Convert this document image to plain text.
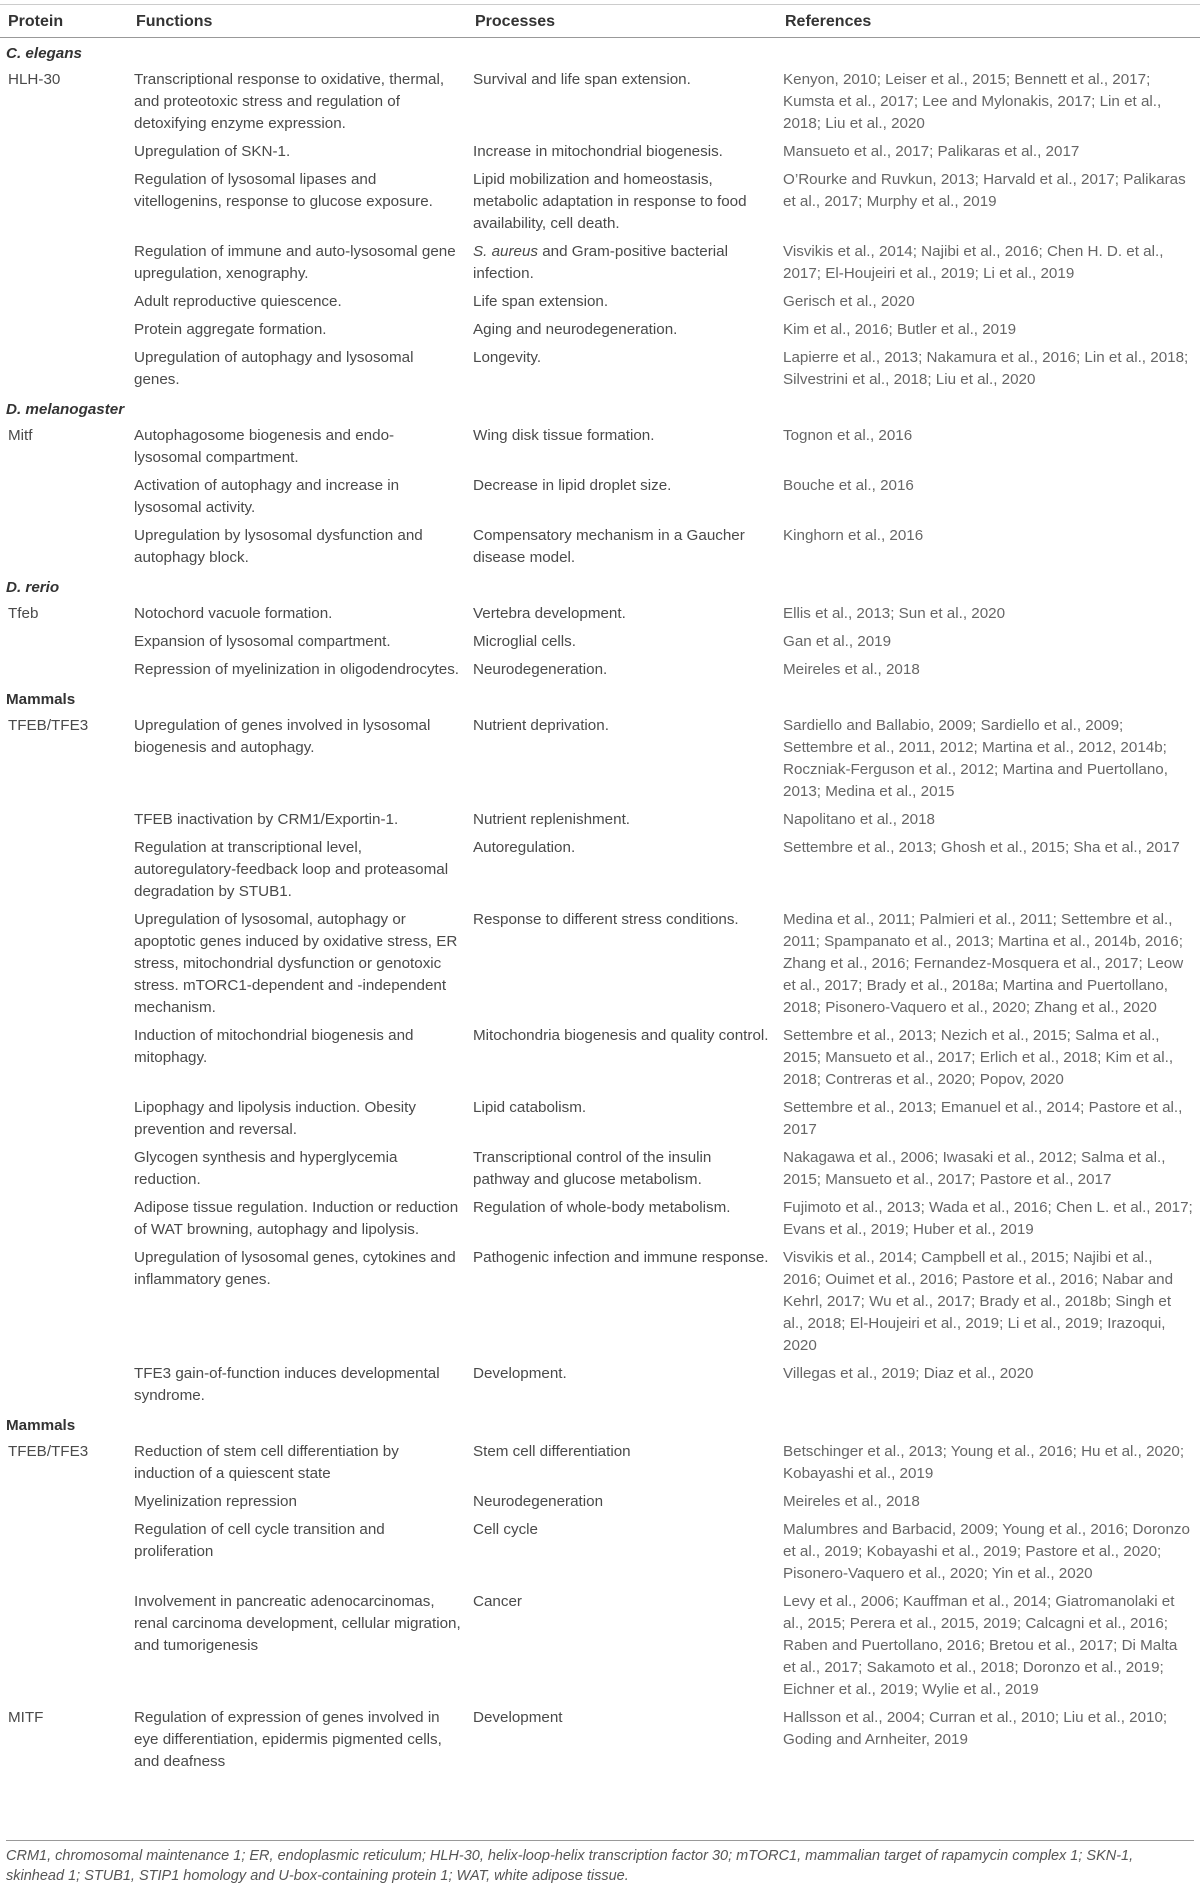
Protein	Functions	Processes	References
C. elegans			
HLH-30	Transcriptional response to oxidative, thermal, and proteotoxic stress and regulation of detoxifying enzyme expression.	Survival and life span extension.	Kenyon, 2010; Leiser et al., 2015; Bennett et al., 2017; Kumsta et al., 2017; Lee and Mylonakis, 2017; Lin et al., 2018; Liu et al., 2020
	Upregulation of SKN-1.	Increase in mitochondrial biogenesis.	Mansueto et al., 2017; Palikaras et al., 2017
	Regulation of lysosomal lipases and vitellogenins, response to glucose exposure.	Lipid mobilization and homeostasis, metabolic adaptation in response to food availability, cell death.	O’Rourke and Ruvkun, 2013; Harvald et al., 2017; Palikaras et al., 2017; Murphy et al., 2019
	Regulation of immune and auto-lysosomal gene upregulation, xenography.	S. aureus and Gram-positive bacterial infection.	Visvikis et al., 2014; Najibi et al., 2016; Chen H. D. et al., 2017; El-Houjeiri et al., 2019; Li et al., 2019
	Adult reproductive quiescence.	Life span extension.	Gerisch et al., 2020
	Protein aggregate formation.	Aging and neurodegeneration.	Kim et al., 2016; Butler et al., 2019
	Upregulation of autophagy and lysosomal genes.	Longevity.	Lapierre et al., 2013; Nakamura et al., 2016; Lin et al., 2018; Silvestrini et al., 2018; Liu et al., 2020
D. melanogaster			
Mitf	Autophagosome biogenesis and endo-lysosomal compartment.	Wing disk tissue formation.	Tognon et al., 2016
	Activation of autophagy and increase in lysosomal activity.	Decrease in lipid droplet size.	Bouche et al., 2016
	Upregulation by lysosomal dysfunction and autophagy block.	Compensatory mechanism in a Gaucher disease model.	Kinghorn et al., 2016
D. rerio			
Tfeb	Notochord vacuole formation.	Vertebra development.	Ellis et al., 2013; Sun et al., 2020
	Expansion of lysosomal compartment.	Microglial cells.	Gan et al., 2019
	Repression of myelinization in oligodendrocytes.	Neurodegeneration.	Meireles et al., 2018
Mammals			
TFEB/TFE3	Upregulation of genes involved in lysosomal biogenesis and autophagy.	Nutrient deprivation.	Sardiello and Ballabio, 2009; Sardiello et al., 2009; Settembre et al., 2011, 2012; Martina et al., 2012, 2014b; Roczniak-Ferguson et al., 2012; Martina and Puertollano, 2013; Medina et al., 2015
	TFEB inactivation by CRM1/Exportin-1.	Nutrient replenishment.	Napolitano et al., 2018
	Regulation at transcriptional level, autoregulatory-feedback loop and proteasomal degradation by STUB1.	Autoregulation.	Settembre et al., 2013; Ghosh et al., 2015; Sha et al., 2017
	Upregulation of lysosomal, autophagy or apoptotic genes induced by oxidative stress, ER stress, mitochondrial dysfunction or genotoxic stress. mTORC1-dependent and -independent mechanism.	Response to different stress conditions.	Medina et al., 2011; Palmieri et al., 2011; Settembre et al., 2011; Spampanato et al., 2013; Martina et al., 2014b, 2016; Zhang et al., 2016; Fernandez-Mosquera et al., 2017; Leow et al., 2017; Brady et al., 2018a; Martina and Puertollano, 2018; Pisonero-Vaquero et al., 2020; Zhang et al., 2020
	Induction of mitochondrial biogenesis and mitophagy.	Mitochondria biogenesis and quality control.	Settembre et al., 2013; Nezich et al., 2015; Salma et al., 2015; Mansueto et al., 2017; Erlich et al., 2018; Kim et al., 2018; Contreras et al., 2020; Popov, 2020
	Lipophagy and lipolysis induction. Obesity prevention and reversal.	Lipid catabolism.	Settembre et al., 2013; Emanuel et al., 2014; Pastore et al., 2017
	Glycogen synthesis and hyperglycemia reduction.	Transcriptional control of the insulin pathway and glucose metabolism.	Nakagawa et al., 2006; Iwasaki et al., 2012; Salma et al., 2015; Mansueto et al., 2017; Pastore et al., 2017
	Adipose tissue regulation. Induction or reduction of WAT browning, autophagy and lipolysis.	Regulation of whole-body metabolism.	Fujimoto et al., 2013; Wada et al., 2016; Chen L. et al., 2017; Evans et al., 2019; Huber et al., 2019
	Upregulation of lysosomal genes, cytokines and inflammatory genes.	Pathogenic infection and immune response.	Visvikis et al., 2014; Campbell et al., 2015; Najibi et al., 2016; Ouimet et al., 2016; Pastore et al., 2016; Nabar and Kehrl, 2017; Wu et al., 2017; Brady et al., 2018b; Singh et al., 2018; El-Houjeiri et al., 2019; Li et al., 2019; Irazoqui, 2020
	TFE3 gain-of-function induces developmental syndrome.	Development.	Villegas et al., 2019; Diaz et al., 2020
Mammals			
TFEB/TFE3	Reduction of stem cell differentiation by induction of a quiescent state	Stem cell differentiation	Betschinger et al., 2013; Young et al., 2016; Hu et al., 2020; Kobayashi et al., 2019
	Myelinization repression	Neurodegeneration	Meireles et al., 2018
	Regulation of cell cycle transition and proliferation	Cell cycle	Malumbres and Barbacid, 2009; Young et al., 2016; Doronzo et al., 2019; Kobayashi et al., 2019; Pastore et al., 2020; Pisonero-Vaquero et al., 2020; Yin et al., 2020
	Involvement in pancreatic adenocarcinomas, renal carcinoma development, cellular migration, and tumorigenesis	Cancer	Levy et al., 2006; Kauffman et al., 2014; Giatromanolaki et al., 2015; Perera et al., 2015, 2019; Calcagni et al., 2016; Raben and Puertollano, 2016; Bretou et al., 2017; Di Malta et al., 2017; Sakamoto et al., 2018; Doronzo et al., 2019; Eichner et al., 2019; Wylie et al., 2019
MITF	Regulation of expression of genes involved in eye differentiation, epidermis pigmented cells, and deafness	Development	Hallsson et al., 2004; Curran et al., 2010; Liu et al., 2010; Goding and Arnheiter, 2019
CRM1, chromosomal maintenance 1; ER, endoplasmic reticulum; HLH-30, helix-loop-helix transcription factor 30; mTORC1, mammalian target of rapamycin complex 1; SKN-1, skinhead 1; STUB1, STIP1 homology and U-box-containing protein 1; WAT, white adipose tissue.
